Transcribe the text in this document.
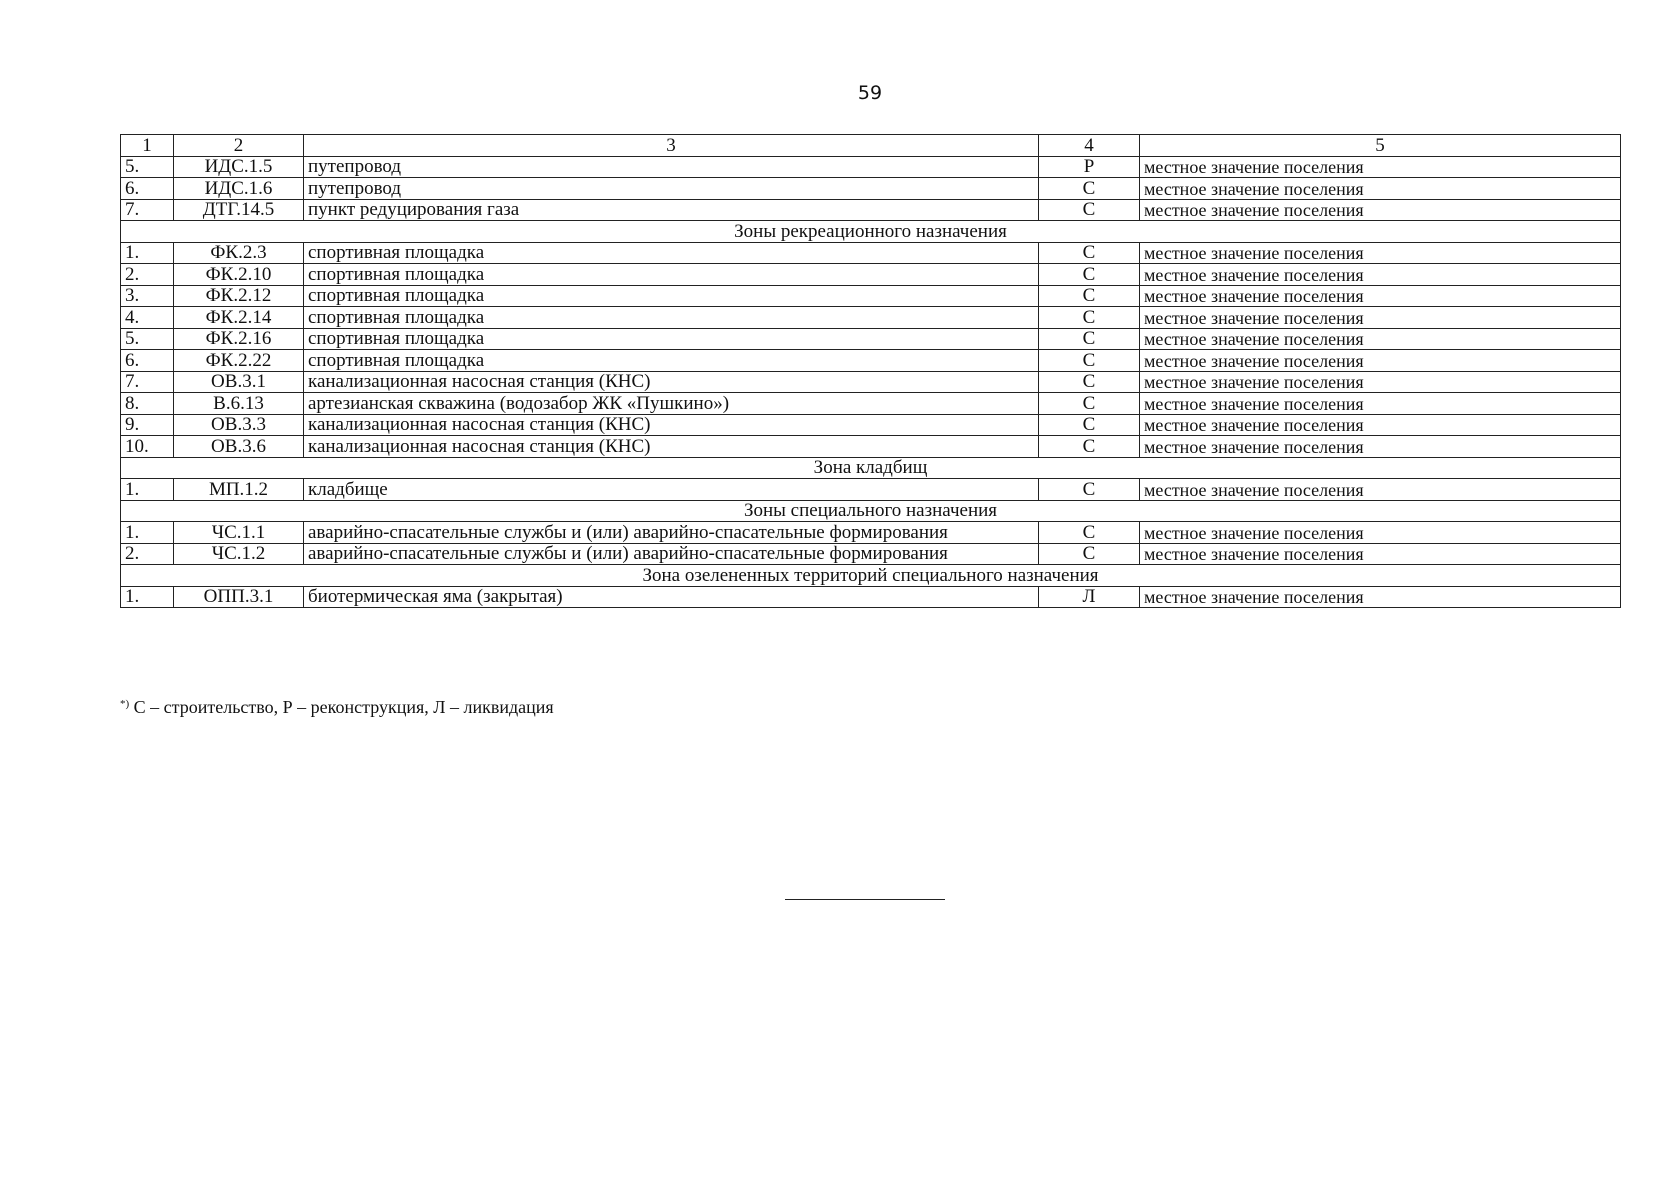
59
1	2	3	4	5
5.	ИДС.1.5	путепровод	Р	местное значение поселения
6.	ИДС.1.6	путепровод	С	местное значение поселения
7.	ДТГ.14.5	пункт редуцирования газа	С	местное значение поселения
Зоны рекреационного назначения				
1.	ФК.2.3	спортивная площадка	С	местное значение поселения
2.	ФК.2.10	спортивная площадка	С	местное значение поселения
3.	ФК.2.12	спортивная площадка	С	местное значение поселения
4.	ФК.2.14	спортивная площадка	С	местное значение поселения
5.	ФК.2.16	спортивная площадка	С	местное значение поселения
6.	ФК.2.22	спортивная площадка	С	местное значение поселения
7.	ОВ.3.1	канализационная насосная станция (КНС)	С	местное значение поселения
8.	В.6.13	артезианская скважина (водозабор ЖК «Пушкино»)	С	местное значение поселения
9.	ОВ.3.3	канализационная насосная станция (КНС)	С	местное значение поселения
10.	ОВ.3.6	канализационная насосная станция (КНС)	С	местное значение поселения
Зона кладбищ				
1.	МП.1.2	кладбище	С	местное значение поселения
Зоны специального назначения				
1.	ЧС.1.1	аварийно-спасательные службы и (или) аварийно-спасательные формирования	С	местное значение поселения
2.	ЧС.1.2	аварийно-спасательные службы и (или) аварийно-спасательные формирования	С	местное значение поселения
Зона озелененных территорий специального назначения				
1.	ОПП.3.1	биотермическая яма (закрытая)	Л	местное значение поселения
*) С – строительство, Р – реконструкция, Л – ликвидация
